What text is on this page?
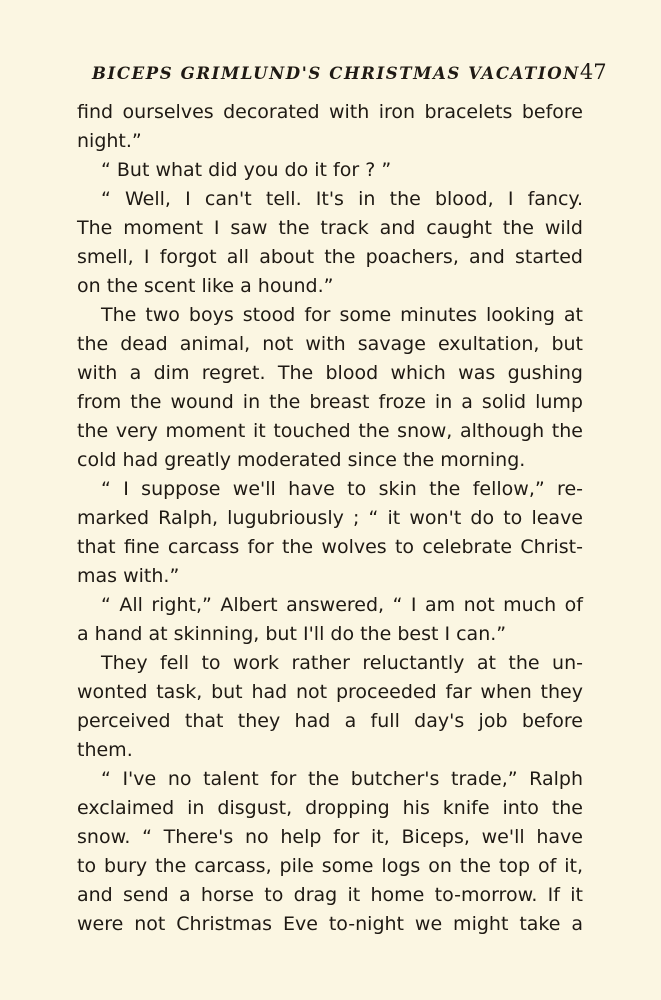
BICEPS GRIMLUND'S CHRISTMAS VACATION 47
find ourselves decorated with iron bracelets before
night.”
“ But what did you do it for ? ”
“ Well, I can't tell. It's in the blood, I fancy.
The moment I saw the track and caught the wild
smell, I forgot all about the poachers, and started
on the scent like a hound.”
The two boys stood for some minutes looking at
the dead animal, not with savage exultation, but
with a dim regret. The blood which was gushing
from the wound in the breast froze in a solid lump
the very moment it touched the snow, although the
cold had greatly moderated since the morning.
“ I suppose we'll have to skin the fellow,” re-
marked Ralph, lugubriously ; “ it won't do to leave
that fine carcass for the wolves to celebrate Christ-
mas with.”
“ All right,” Albert answered, “ I am not much of
a hand at skinning, but I'll do the best I can.”
They fell to work rather reluctantly at the un-
wonted task, but had not proceeded far when they
perceived that they had a full day's job before
them.
“ I've no talent for the butcher's trade,” Ralph
exclaimed in disgust, dropping his knife into the
snow. “ There's no help for it, Biceps, we'll have
to bury the carcass, pile some logs on the top of it,
and send a horse to drag it home to-morrow. If it
were not Christmas Eve to-night we might take a
